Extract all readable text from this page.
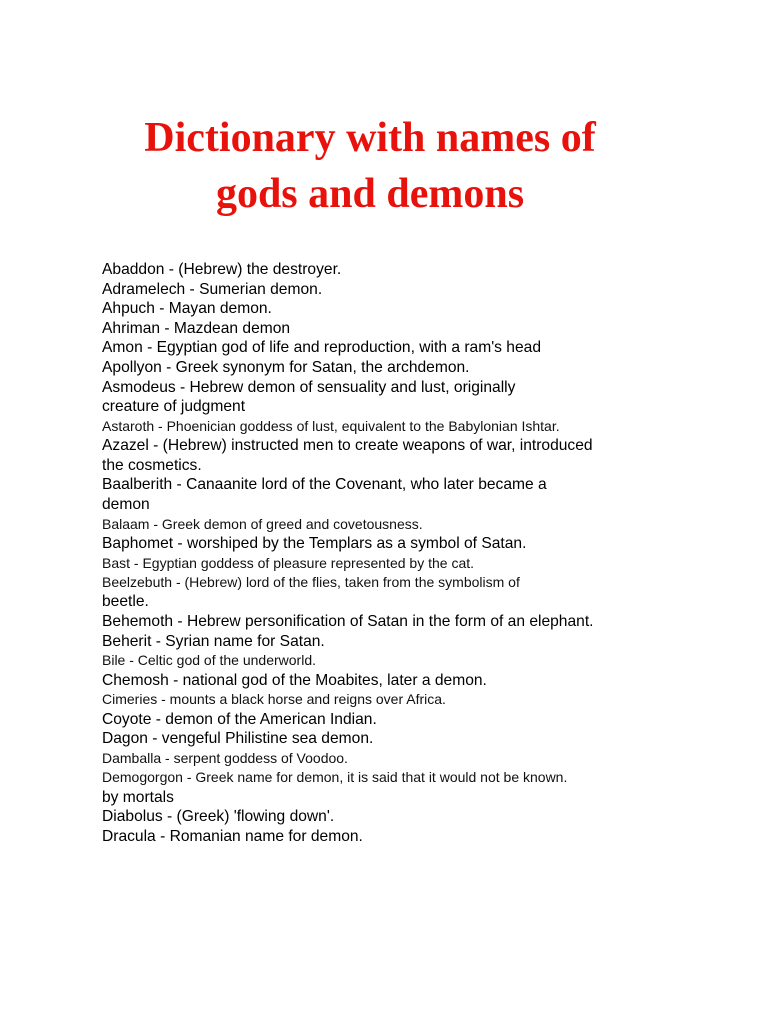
Dictionary with names of
gods and demons
Abaddon - (Hebrew) the destroyer.
Adramelech - Sumerian demon.
Ahpuch - Mayan demon.
Ahriman - Mazdean demon
Amon - Egyptian god of life and reproduction, with a ram's head
Apollyon - Greek synonym for Satan, the archdemon.
Asmodeus - Hebrew demon of sensuality and lust, originally
creature of judgment
Astaroth - Phoenician goddess of lust, equivalent to the Babylonian Ishtar.
Azazel - (Hebrew) instructed men to create weapons of war, introduced
the cosmetics.
Baalberith - Canaanite lord of the Covenant, who later became a
demon
Balaam - Greek demon of greed and covetousness.
Baphomet - worshiped by the Templars as a symbol of Satan.
Bast - Egyptian goddess of pleasure represented by the cat.
Beelzebuth - (Hebrew) lord of the flies, taken from the symbolism of
beetle.
Behemoth - Hebrew personification of Satan in the form of an elephant.
Beherit - Syrian name for Satan.
Bile - Celtic god of the underworld.
Chemosh - national god of the Moabites, later a demon.
Cimeries - mounts a black horse and reigns over Africa.
Coyote - demon of the American Indian.
Dagon - vengeful Philistine sea demon.
Damballa - serpent goddess of Voodoo.
Demogorgon - Greek name for demon, it is said that it would not be known.
by mortals
Diabolus - (Greek) 'flowing down'.
Dracula - Romanian name for demon.
